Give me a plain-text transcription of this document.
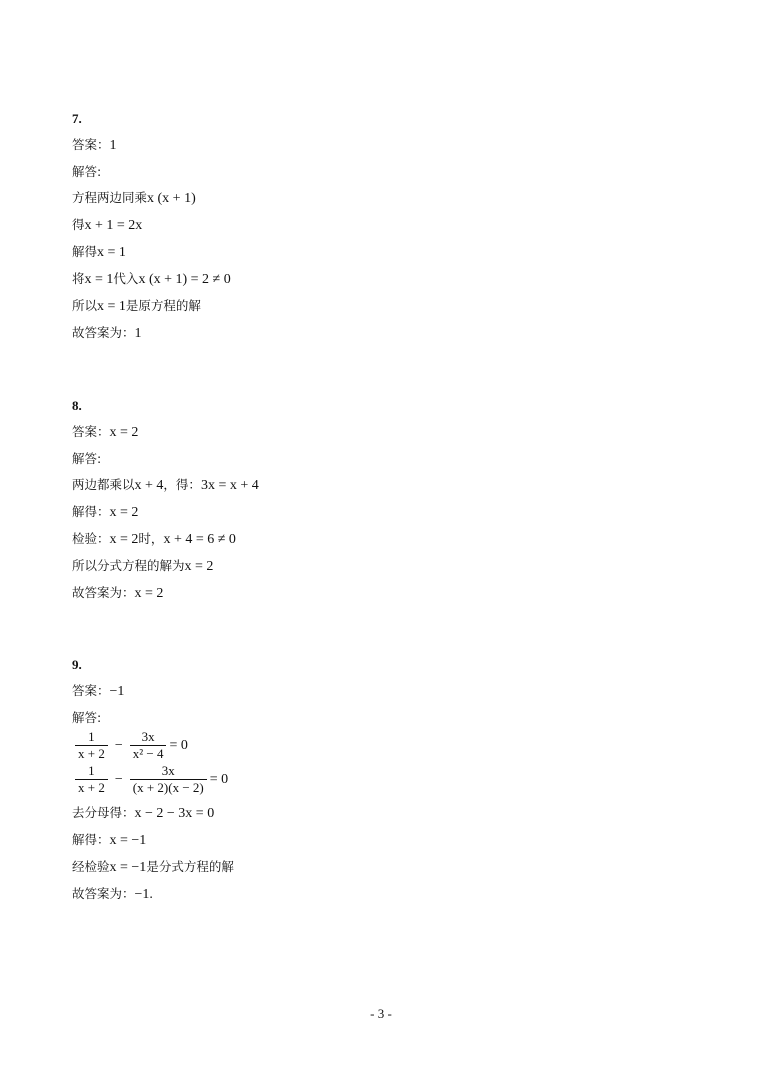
7.
答案：1
解答:
方程两边同乘x (x + 1)
得x + 1 = 2x
解得x = 1
将x = 1代入x (x + 1) = 2 ≠ 0
所以x = 1是原方程的解
故答案为：1
8.
答案：x = 2
解答:
两边都乘以x + 4，得：3x = x + 4
解得：x = 2
检验：x = 2时，x + 4 = 6 ≠ 0
所以分式方程的解为x = 2
故答案为：x = 2
9.
答案：−1
解答:
$\frac{1}{x + 2} - \frac{3x}{\text{x² − 4}} = 0$
$\frac{1}{x + 2} - \frac{3x}{(x + 2)(x - 2)} = 0$
去分母得：x − 2 − 3x = 0
解得：x = −1
经检验x = −1是分式方程的解
故答案为：−1.
- 3 -
